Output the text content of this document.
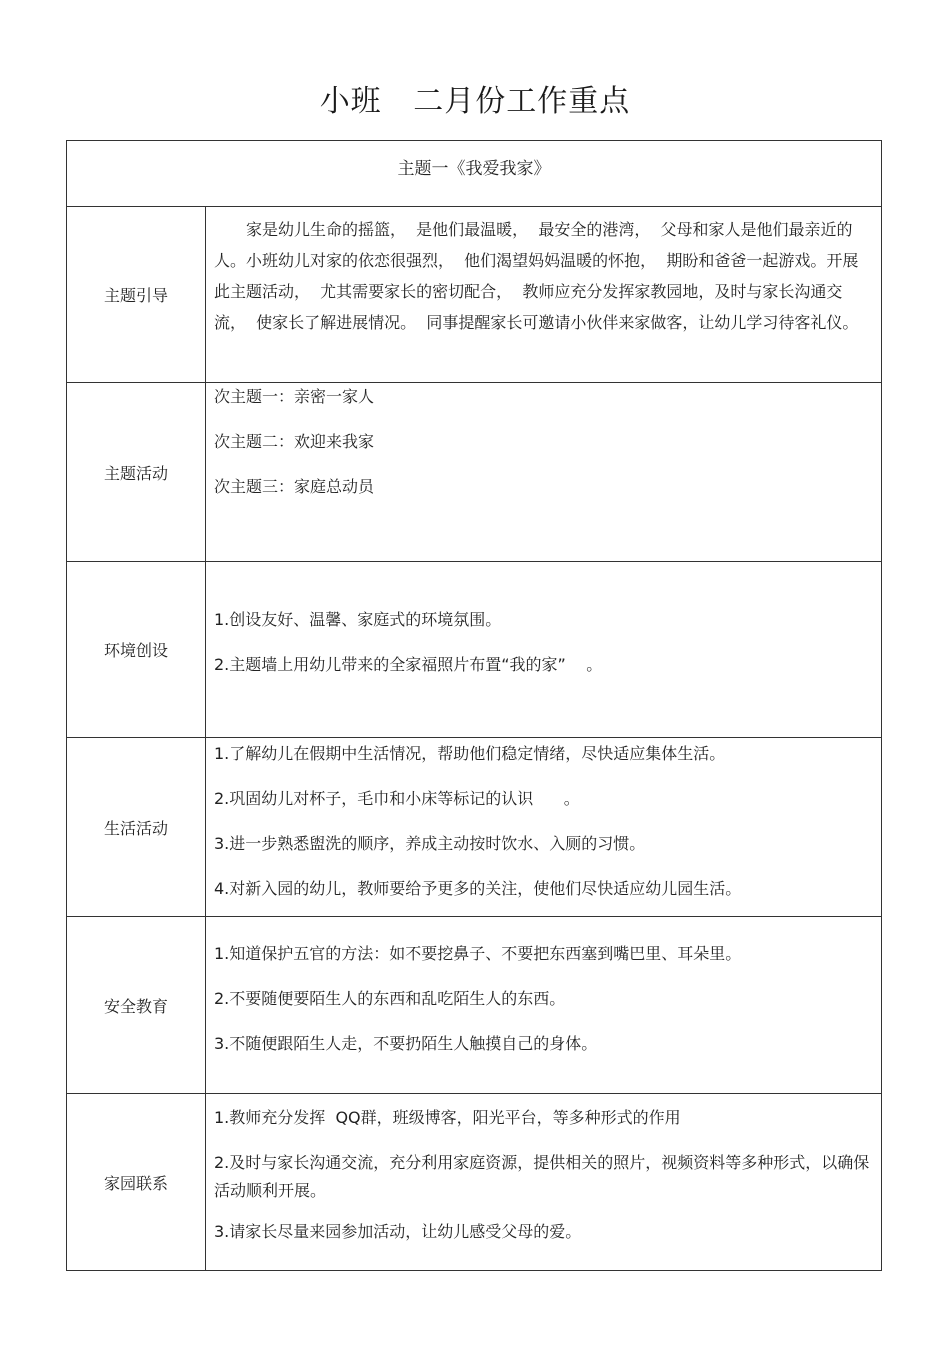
小班   二月份工作重点
主题一《我爱我家》
主题引导

家是幼儿生命的摇篮，  是他们最温暖，  最安全的港湾，  父母和家人是他们最亲近的人。小班幼儿对家的依恋很强烈，  他们渴望妈妈温暖的怀抱，  期盼和爸爸一起游戏。开展此主题活动，  尤其需要家长的密切配合，  教师应充分发挥家教园地，及时与家长沟通交流，  使家长了解进展情况。  同事提醒家长可邀请小伙伴来家做客，让幼儿学习待客礼仪。

主题活动

次主题一：亲密一家人

次主题二：欢迎来我家

次主题三：家庭总动员

环境创设

1.创设友好、温馨、家庭式的环境氛围。

2.主题墙上用幼儿带来的全家福照片布置“我的家”    。

生活活动

1.了解幼儿在假期中生活情况，帮助他们稳定情绪，尽快适应集体生活。

2.巩固幼儿对杯子，毛巾和小床等标记的认识      。

3.进一步熟悉盥洗的顺序，养成主动按时饮水、入厕的习惯。

4.对新入园的幼儿，教师要给予更多的关注，使他们尽快适应幼儿园生活。

安全教育

1.知道保护五官的方法：如不要挖鼻子、不要把东西塞到嘴巴里、耳朵里。

2.不要随便要陌生人的东西和乱吃陌生人的东西。

3.不随便跟陌生人走，不要扔陌生人触摸自己的身体。

家园联系

1.教师充分发挥  QQ群，班级博客，阳光平台，等多种形式的作用

2.及时与家长沟通交流，充分利用家庭资源，提供相关的照片，视频资料等多种形式，以确保活动顺利开展。

3.请家长尽量来园参加活动，让幼儿感受父母的爱。
